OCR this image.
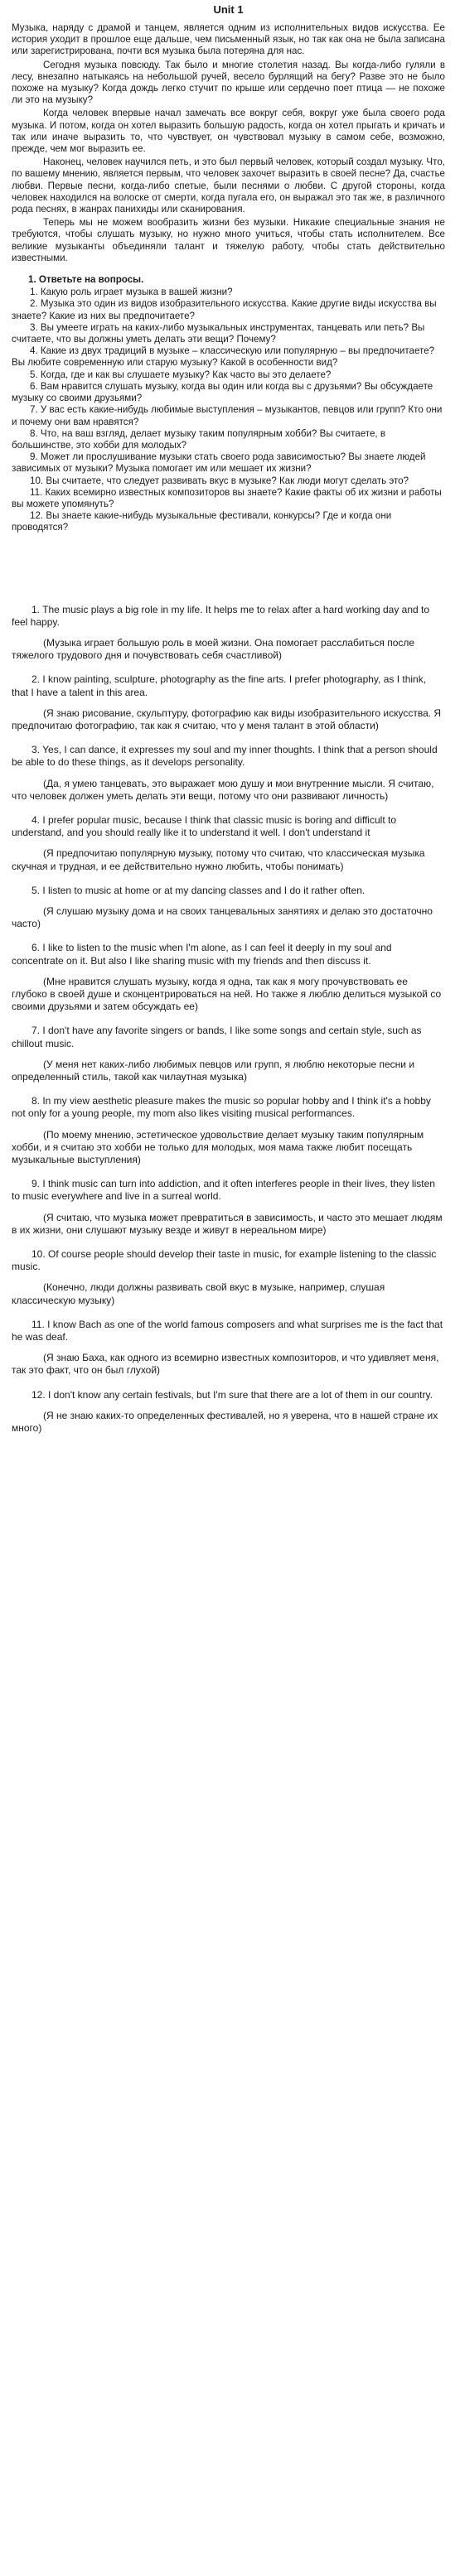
Unit 1

Музыка, наряду с драмой и танцем, является одним из исполнительных видов искусства. Ее история уходит в прошлое еще дальше, чем письменный язык, но так как она не была записана или зарегистрирована, почти вся музыка была потеряна для нас.

Сегодня музыка повсюду. Так было и многие столетия назад. Вы когда-либо гуляли в лесу, внезапно натыкаясь на небольшой ручей, весело бурлящий на бегу? Разве это не было похоже на музыку? Когда дождь легко стучит по крыше или сердечно поет птица — не похоже ли это на музыку?

Когда человек впервые начал замечать все вокруг себя, вокруг уже была своего рода музыка. И потом, когда он хотел выразить большую радость, когда он хотел прыгать и кричать и так или иначе выразить то, что чувствует, он чувствовал музыку в самом себе, возможно, прежде, чем мог выразить ее.

Наконец, человек научился петь, и это был первый человек, который создал музыку. Что, по вашему мнению, является первым, что человек захочет выразить в своей песне? Да, счастье любви. Первые песни, когда-либо спетые, были песнями о любви. С другой стороны, когда человек находился на волоске от смерти, когда пугала его, он выражал это так же, в различного рода песнях, в жанрах панихиды или сканирования.

Теперь мы не можем вообразить жизни без музыки. Никакие специальные знания не требуются, чтобы слушать музыку, но нужно много учиться, чтобы стать исполнителем. Все великие музыканты объединяли талант и тяжелую работу, чтобы стать действительно известными.

1. Ответьте на вопросы.

1. Какую роль играет музыка в вашей жизни?

2. Музыка это один из видов изобразительного искусства. Какие другие виды искусства вы знаете? Какие из них вы предпочитаете?

3. Вы умеете играть на каких-либо музыкальных инструментах, танцевать или петь? Вы считаете, что вы должны уметь делать эти вещи? Почему?

4. Какие из двух традиций в музыке – классическую или популярную – вы предпочитаете? Вы любите современную или старую музыку? Какой в особенности вид?

5. Когда, где и как вы слушаете музыку? Как часто вы это делаете?

6. Вам нравится слушать музыку, когда вы один или когда вы с друзьями? Вы обсуждаете музыку со своими друзьями?

7. У вас есть какие-нибудь любимые выступления – музыкантов, певцов или групп? Кто они и почему они вам нравятся?

8. Что, на ваш взгляд, делает музыку таким популярным хобби? Вы считаете, в большинстве, это хобби для молодых?

9. Может ли прослушивание музыки стать своего рода зависимостью? Вы знаете людей зависимых от музыки? Музыка помогает им или мешает их жизни?

10. Вы считаете, что следует развивать вкус в музыке? Как люди могут сделать это?

11. Каких всемирно известных композиторов вы знаете? Какие факты об их жизни и работы вы можете упомянуть?

12. Вы знаете какие-нибудь музыкальные фестивали, конкурсы? Где и когда они проводятся?

1. The music plays a big role in my life. It helps me to relax after a hard working day and to feel happy.

(Музыка играет большую роль в моей жизни. Она помогает расслабиться после тяжелого трудового дня и почувствовать себя счастливой)

2. I know painting, sculpture, photography as the fine arts. I prefer photography, as I think, that I have a talent in this area.

(Я знаю рисование, скульптуру, фотографию как виды изобразительного искусства. Я предпочитаю фотографию, так как я считаю, что у меня талант в этой области)

3. Yes, I can dance, it expresses my soul and my inner thoughts. I think that a person should be able to do these things, as it develops personality.

(Да, я умею танцевать, это выражает мою душу и мои внутренние мысли. Я считаю, что человек должен уметь делать эти вещи, потому что они развивают личность)

4. I prefer popular music, because I think that classic music is boring and difficult to understand, and you should really like it to understand it well. I don't understand it

(Я предпочитаю популярную музыку, потому что считаю, что классическая музыка скучная и трудная, и ее действительно нужно любить, чтобы понимать)

5. I listen to music at home or at my dancing classes and I do it rather often.

(Я слушаю музыку дома и на своих танцевальных занятиях и делаю это достаточно часто)

6. I like to listen to the music when I'm alone, as I can feel it deeply in my soul and concentrate on it. But also I like sharing music with my friends and then discuss it.

(Мне нравится слушать музыку, когда я одна, так как я могу прочувствовать ее глубоко в своей душе и сконцентрироваться на ней. Но также я люблю делиться музыкой со своими друзьями и затем обсуждать ее)

7. I don't have any favorite singers or bands, I like some songs and certain style, such as chillout music.

(У меня нет каких-либо любимых певцов или групп, я люблю некоторые песни и определенный стиль, такой как чилаутная музыка)

8. In my view aesthetic pleasure makes the music so popular hobby and I think it's a hobby not only for a young people, my mom also likes visiting musical performances.

(По моему мнению, эстетическое удовольствие делает музыку таким популярным хобби, и я считаю это хобби не только для молодых, моя мама также любит посещать музыкальные выступления)

9. I think music can turn into addiction, and it often interferes people in their lives, they listen to music everywhere and live in a surreal world.

(Я считаю, что музыка может превратиться в зависимость, и часто это мешает людям в их жизни, они слушают музыку везде и живут в нереальном мире)

10. Of course people should develop their taste in music, for example listening to the classic music.

(Конечно, люди должны развивать свой вкус в музыке, например, слушая классическую музыку)

11. I know Bach as one of the world famous composers and what surprises me is the fact that he was deaf.

(Я знаю Баха, как одного из всемирно известных композиторов, и что удивляет меня, так это факт, что он был глухой)

12. I don't know any certain festivals, but I'm sure that there are a lot of them in our country.

(Я не знаю каких-то определенных фестивалей, но я уверена, что в нашей стране их много)
